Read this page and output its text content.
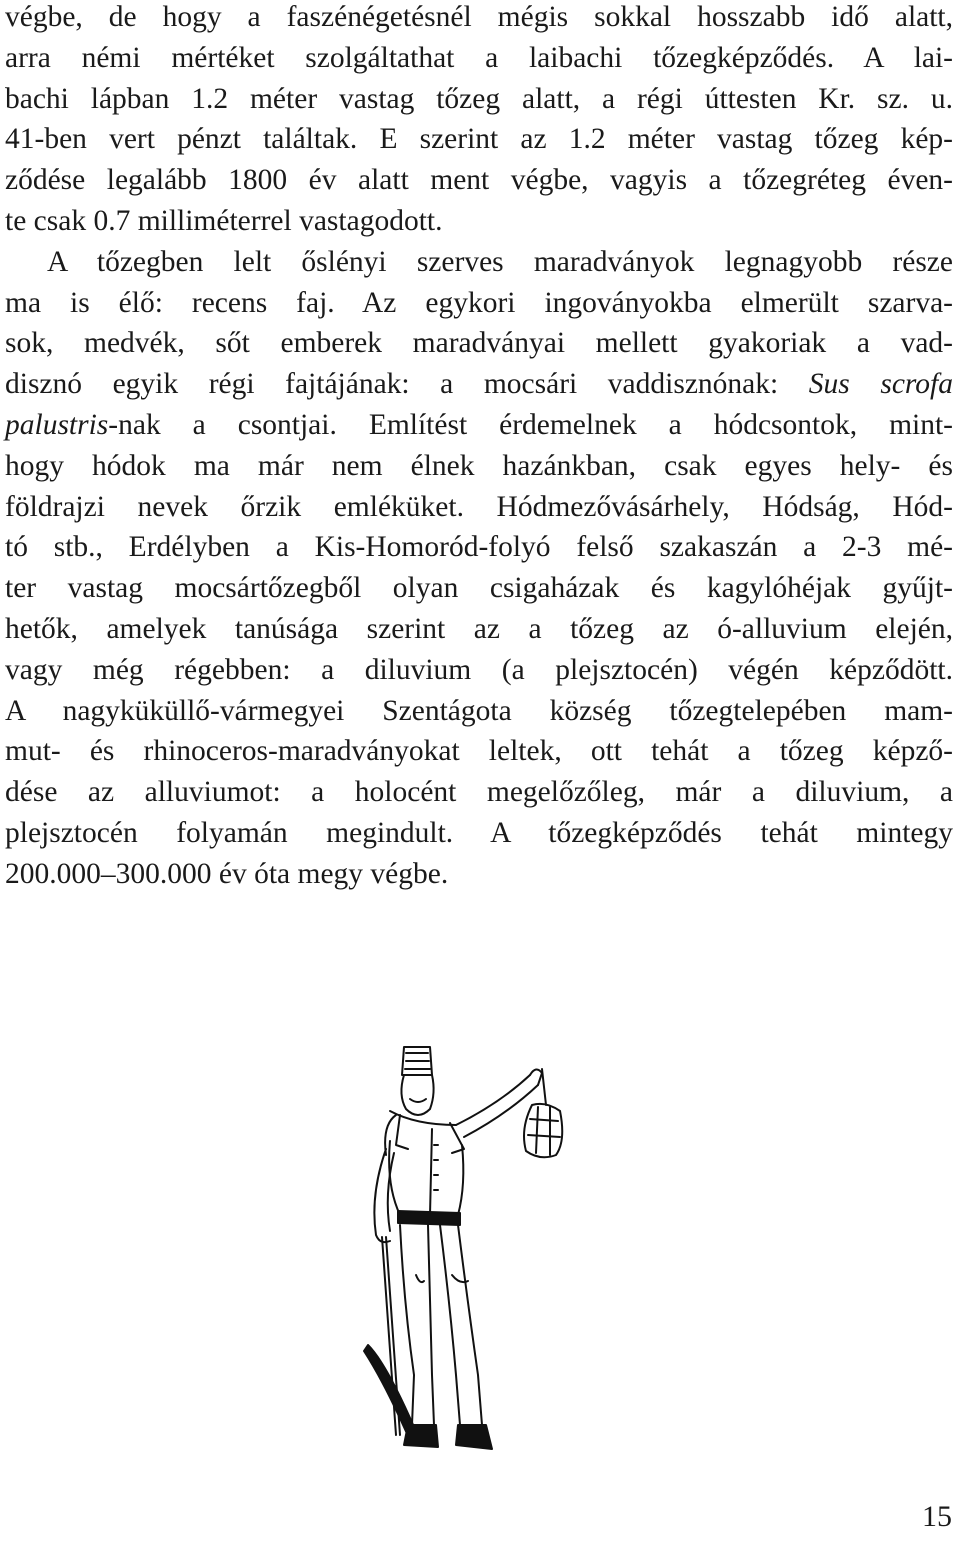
végbe, de hogy a faszénégetésnél mégis sokkal hosszabb idő alatt,
arra némi mértéket szolgáltathat a laibachi tőzegképződés. A lai-
bachi lápban 1.2 méter vastag tőzeg alatt, a régi úttesten Kr. sz. u.
41-ben vert pénzt találtak. E szerint az 1.2 méter vastag tőzeg kép-
ződése legalább 1800 év alatt ment végbe, vagyis a tőzegréteg éven-
te csak 0.7 milliméterrel vastagodott.
A tőzegben lelt őslényi szerves maradványok legnagyobb része
ma is élő: recens faj. Az egykori ingoványokba elmerült szarva-
sok, medvék, sőt emberek maradványai mellett gyakoriak a vad-
disznó egyik régi fajtájának: a mocsári vaddisznónak: Sus scrofa
palustris-nak a csontjai. Említést érdemelnek a hódcsontok, mint-
hogy hódok ma már nem élnek hazánkban, csak egyes hely- és
földrajzi nevek őrzik emléküket. Hódmezővásárhely, Hódság, Hód-
tó stb., Erdélyben a Kis-Homoród-folyó felső szakaszán a 2-3 mé-
ter vastag mocsártőzegből olyan csigaházak és kagylóhéjak gyűjt-
hetők, amelyek tanúsága szerint az a tőzeg az ó-alluvium elején,
vagy még régebben: a diluvium (a plejsztocén) végén képződött.
A nagyküküllő-vármegyei Szentágota község tőzegtelepében mam-
mut- és rhinoceros-maradványokat leltek, ott tehát a tőzeg képző-
dése az alluviumot: a holocént megelőzőleg, már a diluvium, a
plejsztocén folyamán megindult. A tőzegképződés tehát mintegy
200.000–300.000 év óta megy végbe.
15
